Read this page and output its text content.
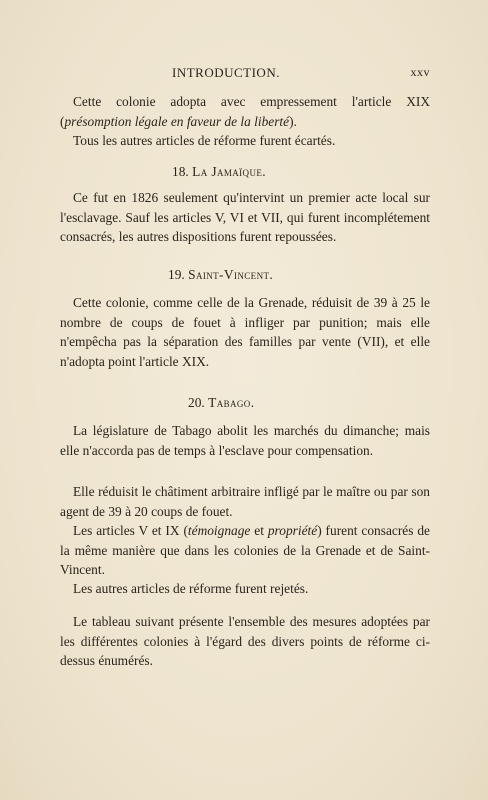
INTRODUCTION.	xxv

Cette colonie adopta avec empressement l'article XIX (présomption légale en faveur de la liberté).

Tous les autres articles de réforme furent écartés.

18. La Jamaïque.

Ce fut en 1826 seulement qu'intervint un premier acte local sur l'esclavage. Sauf les articles V, VI et VII, qui furent incomplétement consacrés, les autres dispositions furent repoussées.

19. Saint-Vincent.

Cette colonie, comme celle de la Grenade, réduisit de 39 à 25 le nombre de coups de fouet à infliger par punition; mais elle n'empêcha pas la séparation des familles par vente (VII), et elle n'adopta point l'article XIX.

20. Tabago.

La législature de Tabago abolit les marchés du dimanche; mais elle n'accorda pas de temps à l'esclave pour compensation.

Elle réduisit le châtiment arbitraire infligé par le maître ou par son agent de 39 à 20 coups de fouet.

Les articles V et IX (témoignage et propriété) furent consacrés de la même manière que dans les colonies de la Grenade et de Saint-Vincent.

Les autres articles de réforme furent rejetés.

Le tableau suivant présente l'ensemble des mesures adoptées par les différentes colonies à l'égard des divers points de réforme ci-dessus énumérés.
